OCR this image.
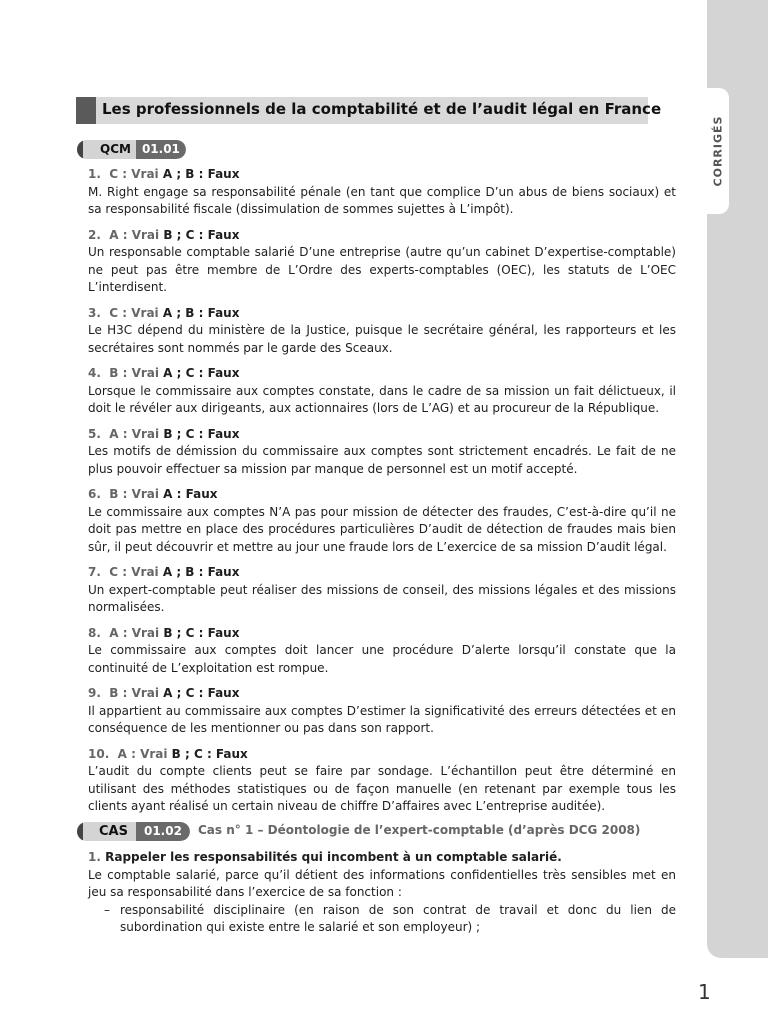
CORRIGÉS
Les professionnels de la comptabilité et de l’audit légal en France
QCM 01.01
1. C : Vrai A ; B : Faux
M. Right engage sa responsabilité pénale (en tant que complice D’un abus de biens sociaux) et sa responsabilité fiscale (dissimulation de sommes sujettes à L’impôt).
2. A : Vrai B ; C : Faux
Un responsable comptable salarié D’une entreprise (autre qu’un cabinet D’expertise-comptable) ne peut pas être membre de L’Ordre des experts-comptables (OEC), les statuts de L’OEC L’interdisent.
3. C : Vrai A ; B : Faux
Le H3C dépend du ministère de la Justice, puisque le secrétaire général, les rapporteurs et les secrétaires sont nommés par le garde des Sceaux.
4. B : Vrai A ; C : Faux
Lorsque le commissaire aux comptes constate, dans le cadre de sa mission un fait délictueux, il doit le révéler aux dirigeants, aux actionnaires (lors de L’AG) et au procureur de la République.
5. A : Vrai B ; C : Faux
Les motifs de démission du commissaire aux comptes sont strictement encadrés. Le fait de ne plus pouvoir effectuer sa mission par manque de personnel est un motif accepté.
6. B : Vrai A : Faux
Le commissaire aux comptes N’A pas pour mission de détecter des fraudes, C’est-à-dire qu’il ne doit pas mettre en place des procédures particulières D’audit de détection de fraudes mais bien sûr, il peut découvrir et mettre au jour une fraude lors de L’exercice de sa mission D’audit légal.
7. C : Vrai A ; B : Faux
Un expert-comptable peut réaliser des missions de conseil, des missions légales et des missions normalisées.
8. A : Vrai B ; C : Faux
Le commissaire aux comptes doit lancer une procédure D’alerte lorsqu’il constate que la continuité de L’exploitation est rompue.
9. B : Vrai A ; C : Faux
Il appartient au commissaire aux comptes D’estimer la significativité des erreurs détectées et en conséquence de les mentionner ou pas dans son rapport.
10. A : Vrai B ; C : Faux
L’audit du compte clients peut se faire par sondage. L’échantillon peut être déterminé en utilisant des méthodes statistiques ou de façon manuelle (en retenant par exemple tous les clients ayant réalisé un certain niveau de chiffre D’affaires avec L’entreprise auditée).
CAS	01.02	Cas n° 1 – Déontologie de l’expert-comptable (d’après DCG 2008)
1. Rappeler les responsabilités qui incombent à un comptable salarié.
Le comptable salarié, parce qu’il détient des informations confidentielles très sensibles met en jeu sa responsabilité dans l’exercice de sa fonction :
– responsabilité disciplinaire (en raison de son contrat de travail et donc du lien de subordination qui existe entre le salarié et son employeur) ;
1
